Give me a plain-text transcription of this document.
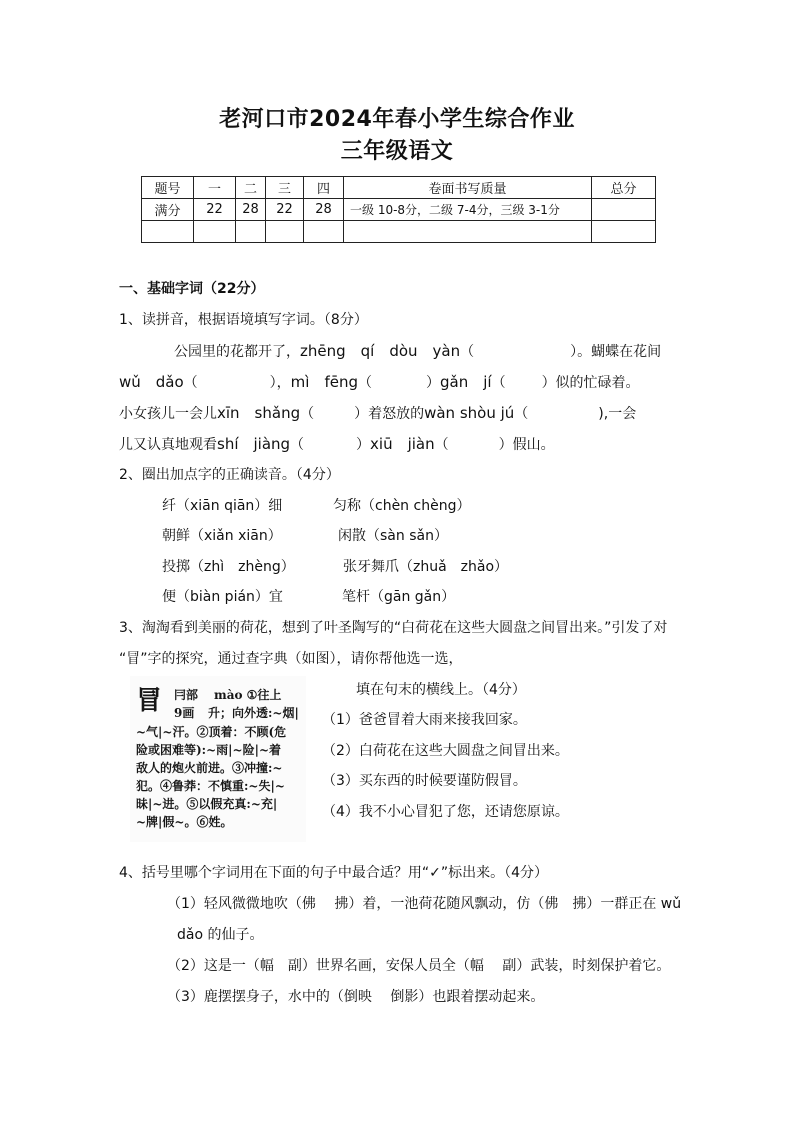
老河口市2024年春小学生综合作业
三年级语文
题号	一	二	三	四	卷面书写质量	总分
满分	22	28	22	28	一级 10-8分，二级 7-4分，三级 3-1分	

一、基础字词（22分）
1、读拼音，根据语境填写字词。（8分）
公园里的花都开了，zhēng　qí　dòu　yàn（	）。蝴蝶在花间
wǔ　dǎo（	），mì　fēng（	）gǎn　jí（	）似的忙碌着。
小女孩儿一会儿xīn　shǎng（	）着怒放的wàn shòu jú（	),一会
儿又认真地观看shí　jiàng（	）xiū　jiàn（	）假山。
2、圈出加点字的正确读音。（4分）
纤（xiān qiān）细	匀称（chèn chèng）
朝鲜（xiǎn xiān）	闲散（sàn sǎn）
投掷（zhì　zhèng）	张牙舞爪（zhuǎ　zhǎo）
便（biàn pián）宜	笔杆（gān gǎn）
3、淘淘看到美丽的荷花，想到了叶圣陶写的“白荷花在这些大圆盘之间冒出来。”引发了对
“冒”字的探究，通过查字典（如图），请你帮他选一选，
冒 冃部
9画
mào ①往上
升；向外透:~烟|
~气|~汗。②顶着：不顾(危
险或困难等):~雨|~险|~着
敌人的炮火前进。③冲撞:~
犯。④鲁莽：不慎重:~失|~
昧|~进。⑤以假充真:~充|
~牌|假~。⑥姓。
填在句末的横线上。（4分）
（1）爸爸冒着大雨来接我回家。
（2）白荷花在这些大圆盘之间冒出来。
（3）买东西的时候要谨防假冒。
（4）我不小心冒犯了您，还请您原谅。
4、括号里哪个字词用在下面的句子中最合适？用“✓”标出来。（4分）
（1）轻风微微地吹（佛　 拂）着，一池荷花随风飘动，仿（佛　拂）一群正在 wǔ
dǎo 的仙子。
（2）这是一（幅　副）世界名画，安保人员全（幅　 副）武装，时刻保护着它。
（3）鹿摆摆身子，水中的（倒映　 倒影）也跟着摆动起来。
